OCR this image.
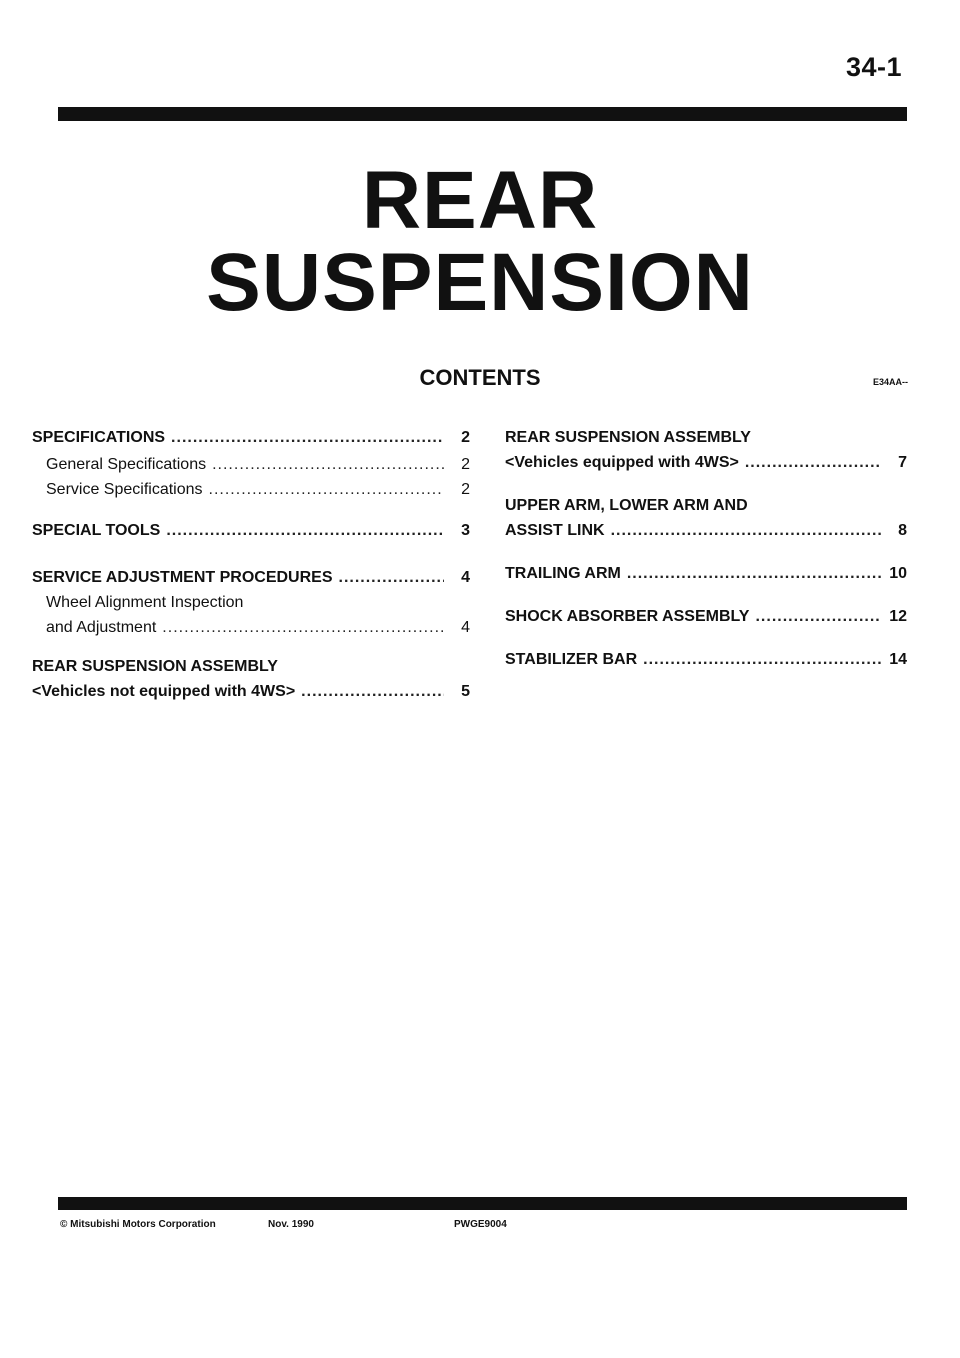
34-1
REAR
SUSPENSION
CONTENTS	E34AA--
SPECIFICATIONS .....	2
General Specifications .....	2
Service Specifications .....	2
SPECIAL TOOLS .....	3
SERVICE ADJUSTMENT PROCEDURES .....	4
Wheel Alignment Inspection
and Adjustment .....	4
REAR SUSPENSION ASSEMBLY
<Vehicles not equipped with 4WS> .....	5
REAR SUSPENSION ASSEMBLY
<Vehicles equipped with 4WS> .....	7
UPPER ARM, LOWER ARM AND
ASSIST LINK .....	8
TRAILING ARM .....	10
SHOCK ABSORBER ASSEMBLY .....	12
STABILIZER BAR .....	14
© Mitsubishi Motors Corporation	Nov. 1990	PWGE9004
